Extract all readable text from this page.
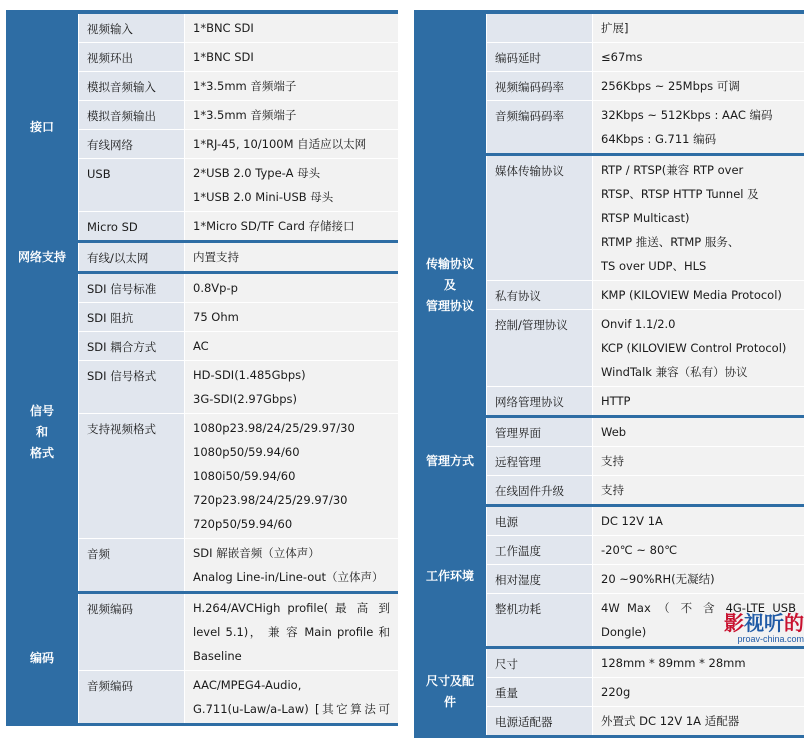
接口
视频输入	1*BNC SDI
视频环出	1*BNC SDI
模拟音频输入	1*3.5mm 音频端子
模拟音频输出	1*3.5mm 音频端子
有线网络	1*RJ-45, 10/100M 自适应以太网
USB	2*USB 2.0 Type-A 母头
1*USB 2.0 Mini-USB 母头
Micro SD	1*Micro SD/TF Card 存储接口
网络支持	有线/以太网	内置支持
信号
和
格式
SDI 信号标准	0.8Vp-p
SDI 阻抗	75 Ohm
SDI 耦合方式	AC
SDI 信号格式	HD-SDI(1.485Gbps)
3G-SDI(2.97Gbps)
支持视频格式	1080p23.98/24/25/29.97/30
1080p50/59.94/60
1080i50/59.94/60
720p23.98/24/25/29.97/30
720p50/59.94/60
音频	SDI 解嵌音频（立体声）
Analog Line-in/Line-out（立体声）
编码
视频编码	H.264/AVCHigh profile( 最 高 到
level 5.1)， 兼 容 Main profile 和
Baseline
音频编码	AAC/MPEG4-Audio,
G.711(u-Law/a-Law) [其它算法可
扩展]
编码延时	≤67ms
视频编码码率	256Kbps ~ 25Mbps 可调
音频编码码率	32Kbps ~ 512Kbps : AAC 编码
64Kbps : G.711 编码
传输协议
及
管理协议
媒体传输协议	RTP / RTSP(兼容 RTP over
RTSP、RTSP HTTP Tunnel 及
RTSP Multicast)
RTMP 推送、RTMP 服务、
TS over UDP、HLS
私有协议	KMP (KILOVIEW Media Protocol)
控制/管理协议	Onvif 1.1/2.0
KCP (KILOVIEW Control Protocol)
WindTalk 兼容（私有）协议
网络管理协议	HTTP
管理方式
管理界面	Web
远程管理	支持
在线固件升级	支持
工作环境
电源	DC 12V 1A
工作温度	-20℃ ~ 80℃
相对湿度	20 ~90%RH(无凝结)
整机功耗	4W Max （ 不 含 4G-LTE USB
Dongle)
尺寸及配
件
尺寸	128mm * 89mm * 28mm
重量	220g
电源适配器	外置式 DC 12V 1A 适配器
影视听的
proav-china.com
